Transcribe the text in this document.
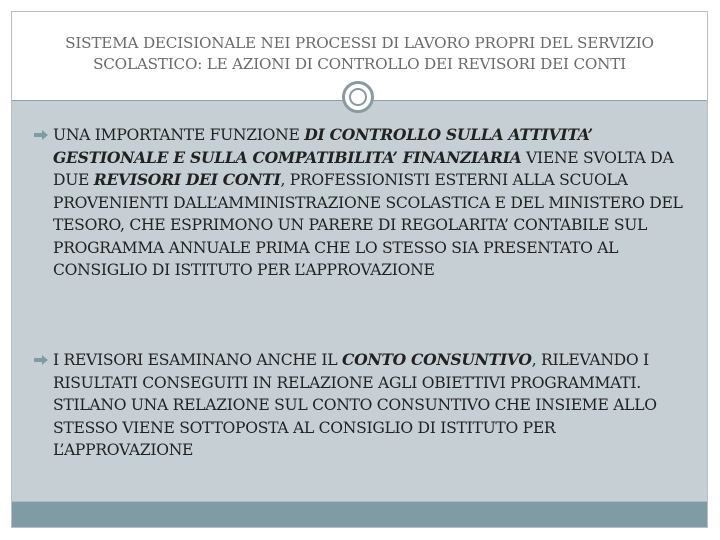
SISTEMA DECISIONALE NEI PROCESSI DI LAVORO PROPRI DEL SERVIZIO
SCOLASTICO: LE AZIONI DI CONTROLLO DEI REVISORI DEI CONTI

UNA IMPORTANTE FUNZIONE DI CONTROLLO SULLA ATTIVITA’ GESTIONALE E SULLA COMPATIBILITA’ FINANZIARIA VIENE SVOLTA DA DUE REVISORI DEI CONTI, PROFESSIONISTI ESTERNI ALLA SCUOLA PROVENIENTI DALL’AMMINISTRAZIONE SCOLASTICA E DEL MINISTERO DEL TESORO, CHE ESPRIMONO UN PARERE DI REGOLARITA’ CONTABILE SUL PROGRAMMA ANNUALE PRIMA CHE LO STESSO SIA PRESENTATO AL CONSIGLIO DI ISTITUTO PER L’APPROVAZIONE

I REVISORI ESAMINANO ANCHE IL CONTO CONSUNTIVO, RILEVANDO I RISULTATI CONSEGUITI IN RELAZIONE AGLI OBIETTIVI PROGRAMMATI. STILANO UNA RELAZIONE SUL CONTO CONSUNTIVO CHE INSIEME ALLO STESSO VIENE SOTTOPOSTA AL CONSIGLIO DI ISTITUTO PER L’APPROVAZIONE
